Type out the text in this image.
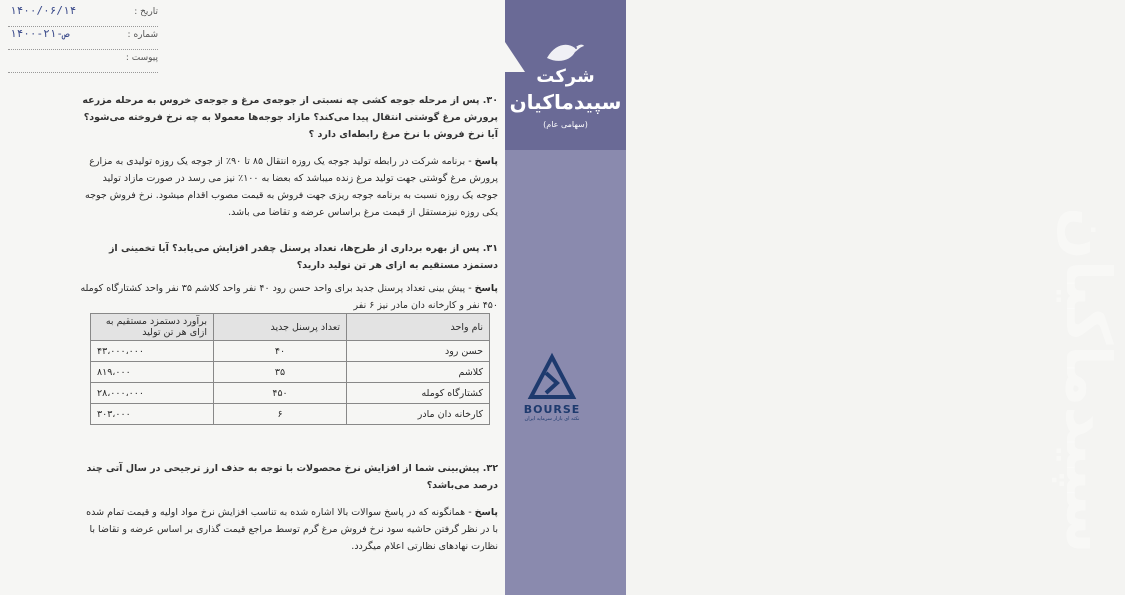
تاریخ :
۱۴۰۰/۰۶/۱۴
شماره :
۱۴۰۰-ص-۲۱
پیوست :
شرکت
سپیدماکیان
(سهامی عام)
سپیدماکیان
BOURSE
نکته ای بازار سرمایه ایران
۳۰. پس از مرحله جوجه کشی چه نسبتی از جوجه‌ی مرغ و جوجه‌ی خروس به مرحله مزرعه پرورش مرغ گوشتی انتقال پیدا می‌کند؟ مازاد جوجه‌ها معمولا به چه نرخ فروخته می‌شود؟ آیا نرخ فروش با نرخ مرغ رابطه‌ای دارد ؟
پاسخ - برنامه شرکت در رابطه تولید جوجه یک روزه انتقال ۸۵ تا ۹۰٪ از جوجه یک روزه تولیدی به مزارع پرورش مرغ گوشتی جهت تولید مرغ زنده میباشد که بعضا به ۱۰۰٪ نیز می رسد در صورت مازاد تولید جوجه یک روزه نسبت به برنامه جوجه ریزی جهت فروش به قیمت مصوب اقدام میشود. نرخ فروش جوجه یکی روزه نیزمستقل از قیمت مرغ براساس عرضه و تقاضا می باشد.
۳۱. پس از بهره برداری از طرح‌ها، تعداد پرسنل چقدر افزایش می‌یابد؟ آیا تخمینی از دستمزد مستقیم به ازای هر تن تولید دارید؟
پاسخ - پیش بینی تعداد پرسنل جدید برای واحد حسن رود ۴۰ نفر واحد کلاشم ۳۵ نفر واحد کشتارگاه کومله ۴۵۰ نفر و کارخانه دان مادر نیز ۶ نفر
نام واحد	تعداد پرسنل جدید	برآورد دستمزد مستقیم به ازای هر تن تولید
حسن رود	۴۰	۴۳،۰۰۰،۰۰۰
کلاشم	۳۵	۸۱۹،۰۰۰
کشتارگاه کومله	۴۵۰	۲۸،۰۰۰،۰۰۰
کارخانه دان مادر	۶	۳۰۳،۰۰۰
۳۲. پیش‌بینی شما از افزایش نرخ محصولات با توجه به حذف ارز ترجیحی در سال آتی چند درصد می‌باشد؟
پاسخ - همانگونه که در پاسخ سوالات بالا اشاره شده به تناسب افزایش نرخ مواد اولیه و قیمت تمام شده با در نظر گرفتن حاشیه سود نرخ فروش مرغ گرم توسط مراجع قیمت گذاری بر اساس عرضه و تقاضا با نظارت نهادهای نظارتی اعلام میگردد.
